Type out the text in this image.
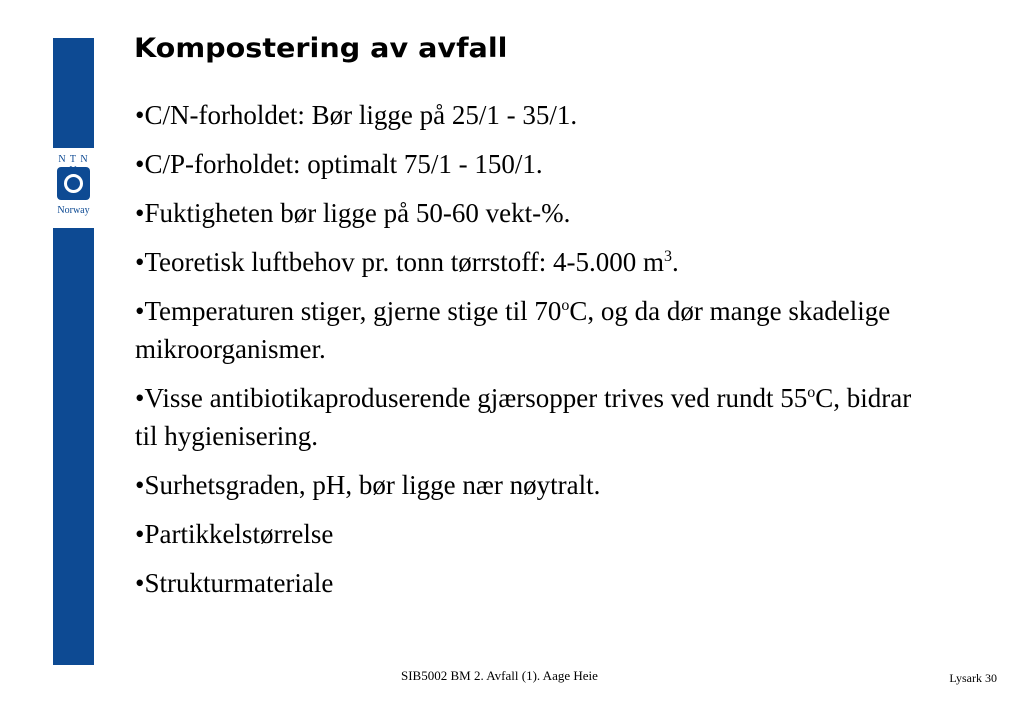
N T N
Norway
Kompostering av avfall
•C/N-forholdet: Bør ligge på 25/1 - 35/1.
•C/P-forholdet: optimalt 75/1 - 150/1.
•Fuktigheten bør ligge på 50-60 vekt-%.
•Teoretisk luftbehov pr. tonn tørrstoff: 4-5.000 $m^3$.
•Temperaturen stiger, gjerne stige til 70$^o$C, og da dør mange skadelige mikroorganismer.
•Visse antibiotikaproduserende gjærsopper trives ved rundt 55$^o$C, bidrar til hygienisering.
•Surhetsgraden, pH, bør ligge nær nøytralt.
•Partikkelstørrelse
•Strukturmateriale
SIB5002 BM 2. Avfall (1). Aage Heie	Lysark 30
